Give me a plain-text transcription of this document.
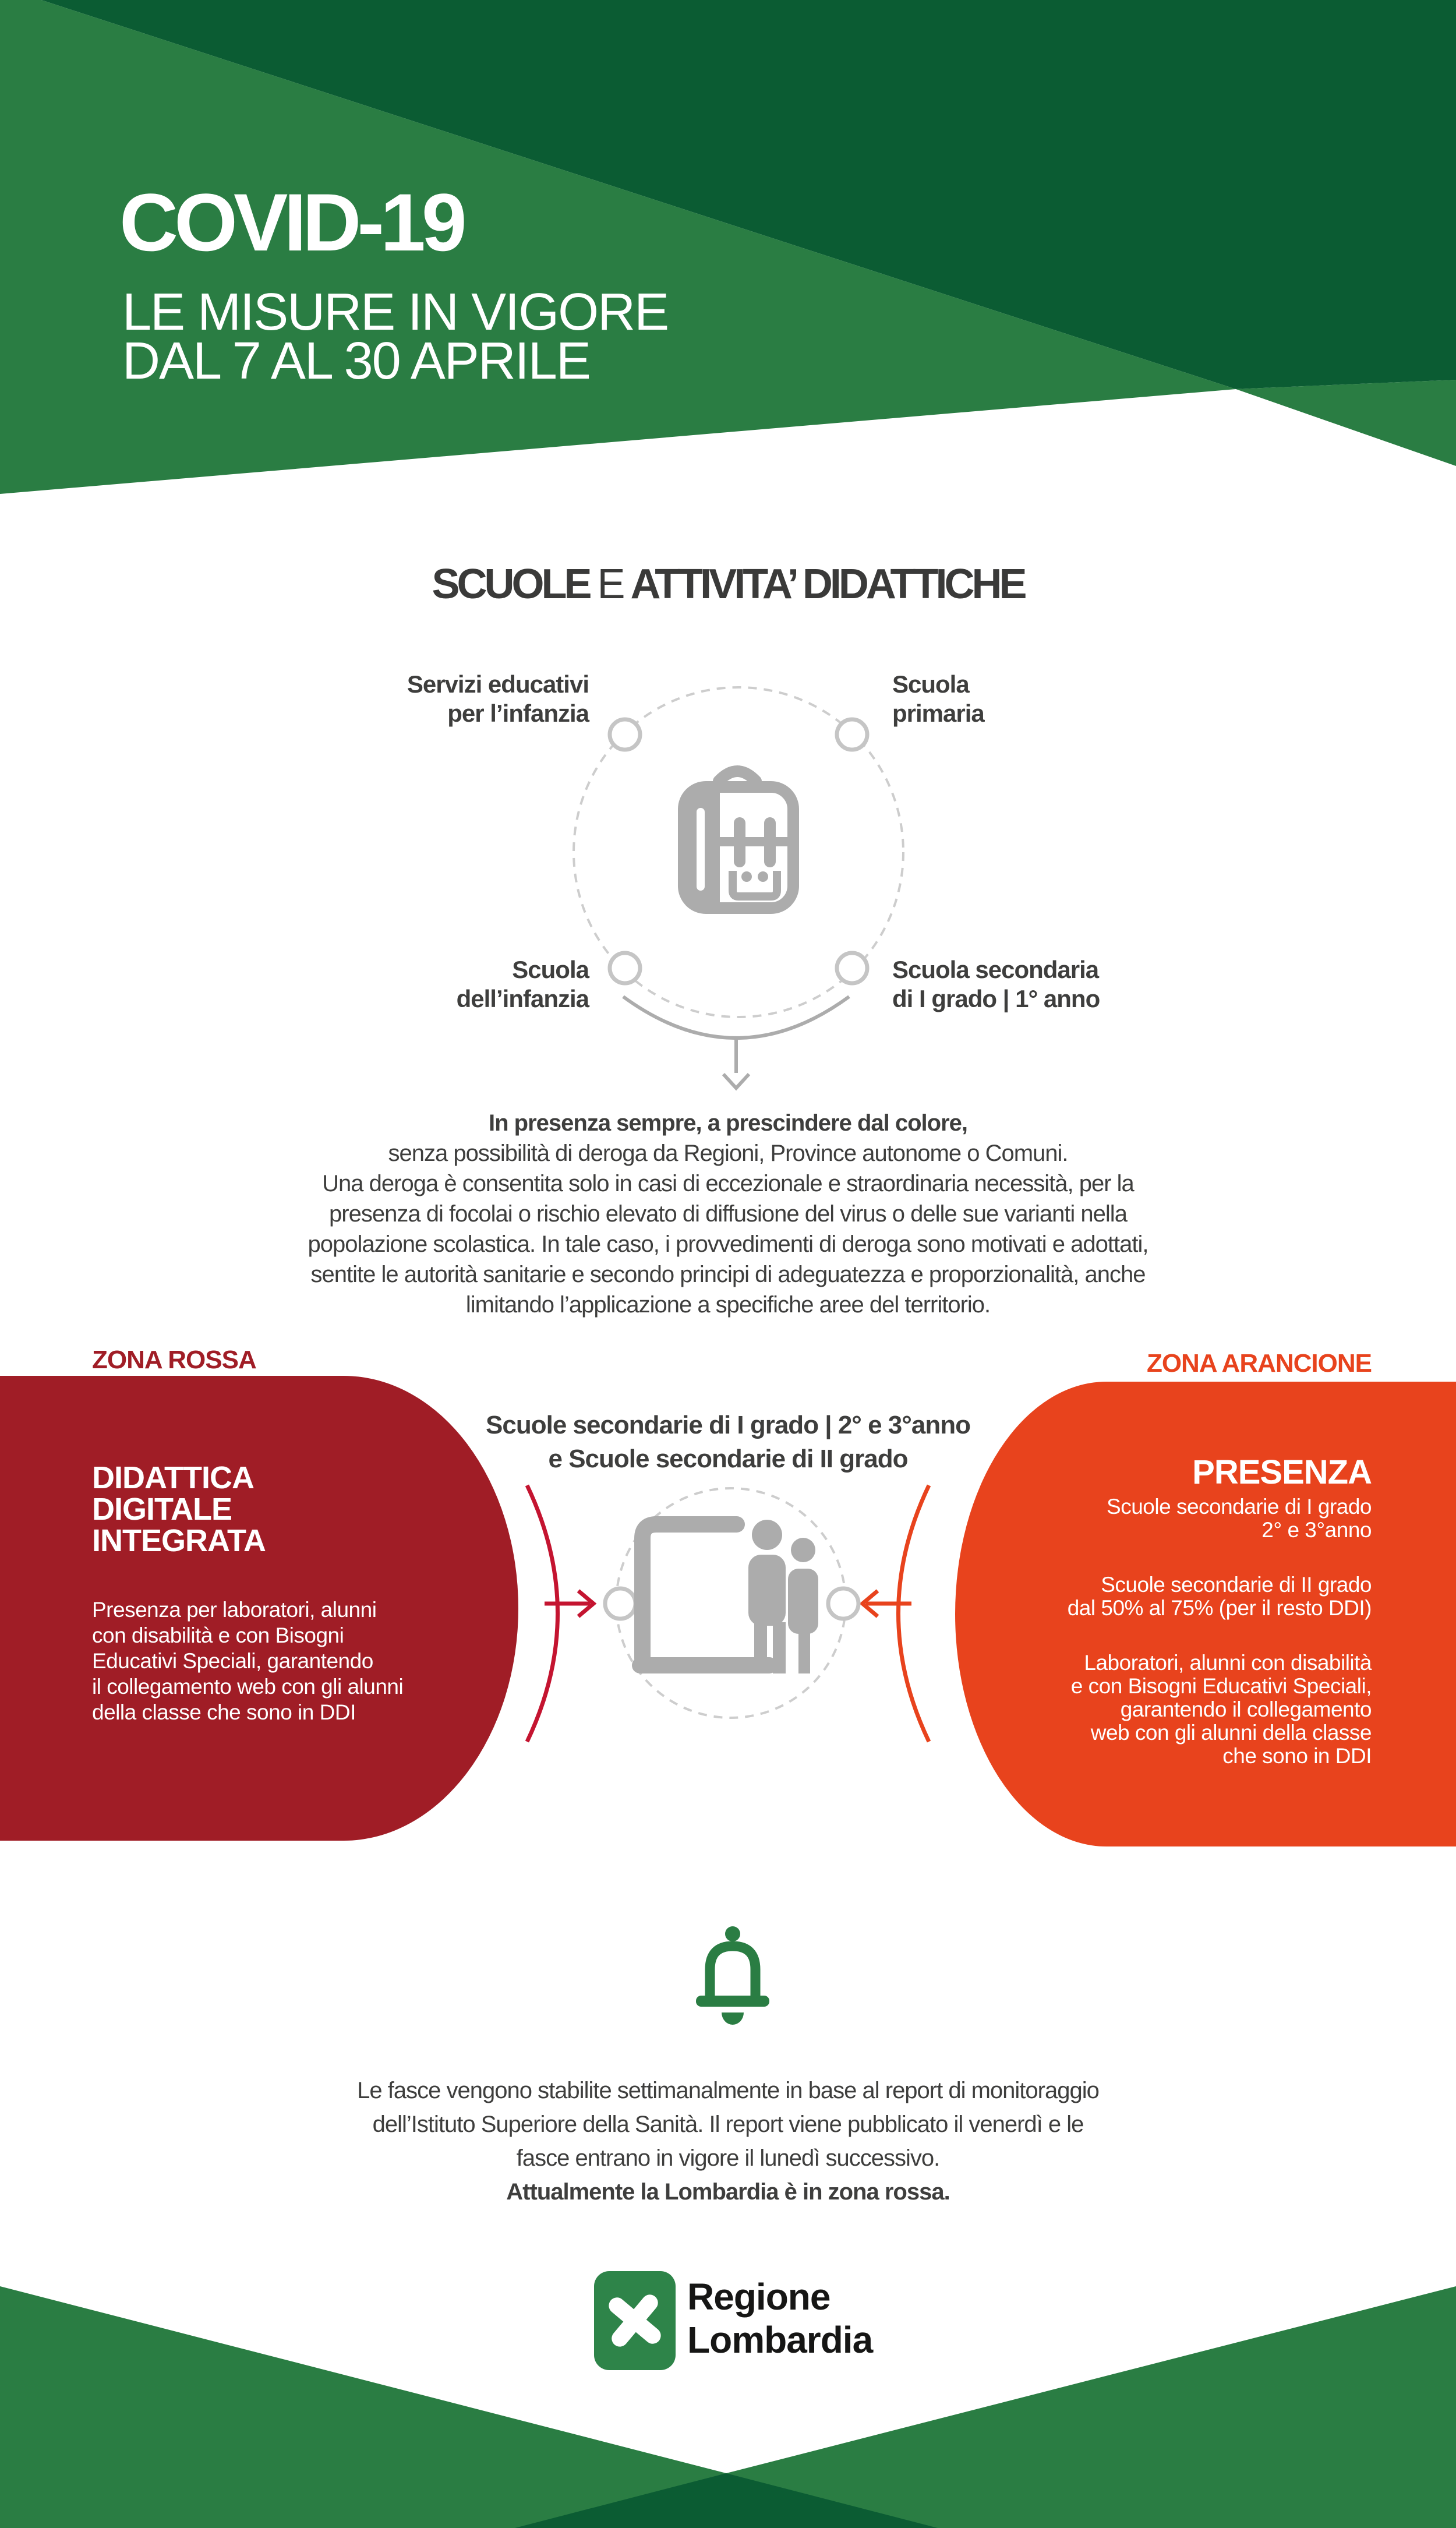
COVID-19
LE MISURE IN VIGORE
DAL 7 AL 30 APRILE
SCUOLE E ATTIVITA’ DIDATTICHE
Servizi educativi
per l’infanzia
Scuola
primaria
Scuola
dell’infanzia
Scuola secondaria
di I grado | 1° anno
In presenza sempre, a prescindere dal colore,
senza possibilità di deroga da Regioni, Province autonome o Comuni.
Una deroga è consentita solo in casi di eccezionale e straordinaria necessità, per la
presenza di focolai o rischio elevato di diffusione del virus o delle sue varianti nella
popolazione scolastica. In tale caso, i provvedimenti di deroga sono motivati e adottati,
sentite le autorità sanitarie e secondo principi di adeguatezza e proporzionalità, anche
limitando l’applicazione a specifiche aree del territorio.
ZONA ROSSA	ZONA ARANCIONE
DIDATTICA
DIGITALE
INTEGRATA
Presenza per laboratori, alunni
con disabilità e con Bisogni
Educativi Speciali, garantendo
il collegamento web con gli alunni
della classe che sono in DDI
PRESENZA
Scuole secondarie di I grado
2° e 3°anno
Scuole secondarie di II grado
dal 50% al 75% (per il resto DDI)
Laboratori, alunni con disabilità
e con Bisogni Educativi Speciali,
garantendo il collegamento
web con gli alunni della classe
che sono in DDI
Scuole secondarie di I grado | 2° e 3°anno
e Scuole secondarie di II grado
Le fasce vengono stabilite settimanalmente in base al report di monitoraggio
dell’Istituto Superiore della Sanità. Il report viene pubblicato il venerdì e le
fasce entrano in vigore il lunedì successivo.
Attualmente la Lombardia è in zona rossa.
Regione
Lombardia
